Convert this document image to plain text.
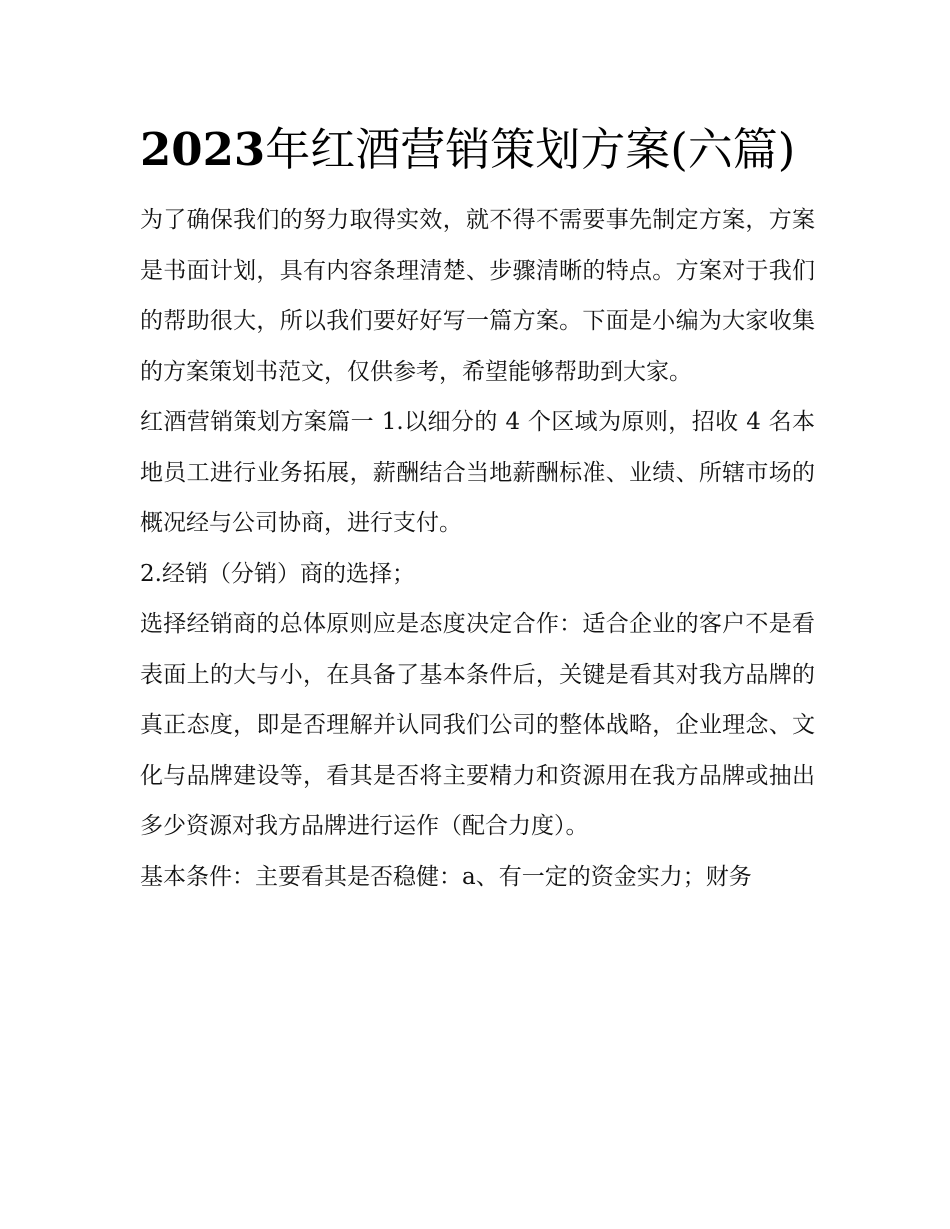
2023年红酒营销策划方案(六篇)

为了确保我们的努力取得实效，就不得不需要事先制定方案，方案是书面计划，具有内容条理清楚、步骤清晰的特点。方案对于我们的帮助很大，所以我们要好好写一篇方案。下面是小编为大家收集的方案策划书范文，仅供参考，希望能够帮助到大家。

红酒营销策划方案篇一 1.以细分的 4 个区域为原则，招收 4 名本地员工进行业务拓展，薪酬结合当地薪酬标准、业绩、所辖市场的概况经与公司协商，进行支付。

2.经销（分销）商的选择；

选择经销商的总体原则应是态度决定合作：适合企业的客户不是看表面上的大与小，在具备了基本条件后，关键是看其对我方品牌的真正态度，即是否理解并认同我们公司的整体战略，企业理念、文化与品牌建设等，看其是否将主要精力和资源用在我方品牌或抽出多少资源对我方品牌进行运作（配合力度）。

基本条件：主要看其是否稳健：a、有一定的资金实力；财务
